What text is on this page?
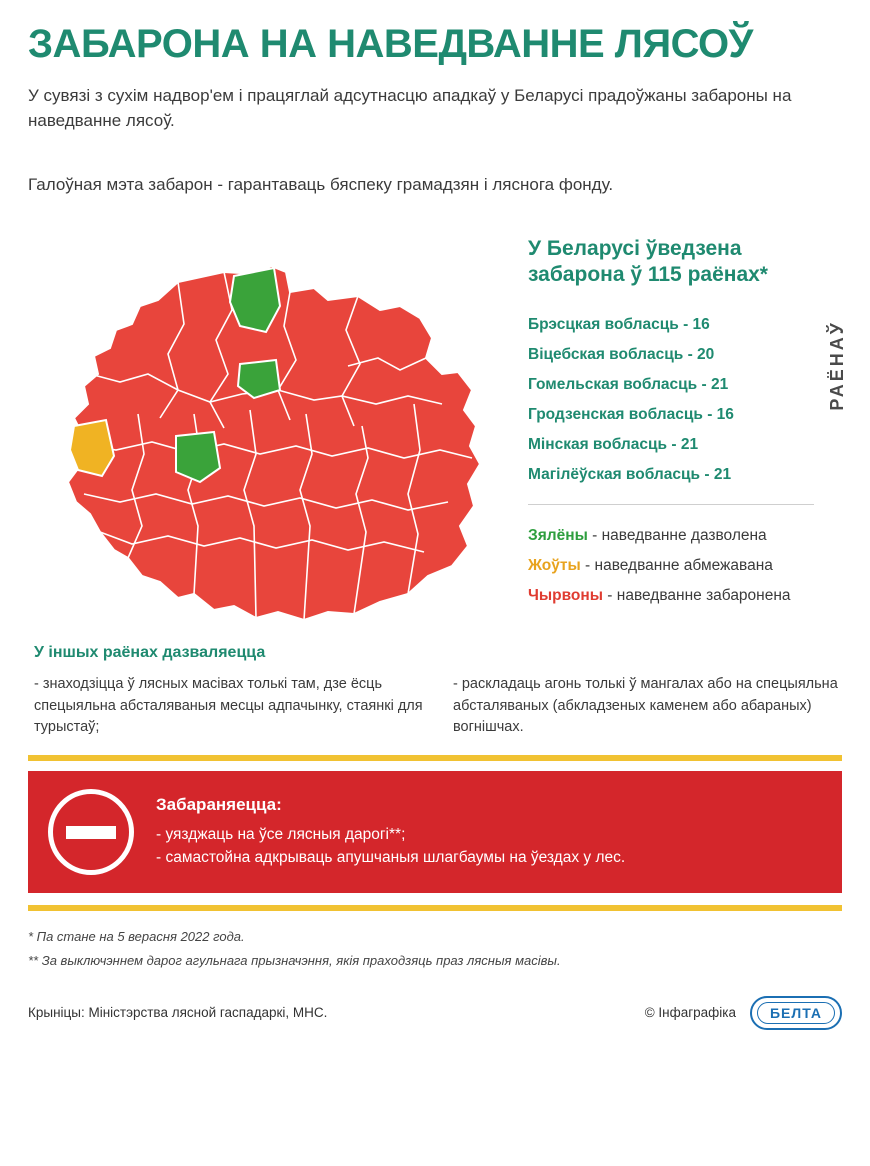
ЗАБАРОНА НА НАВЕДВАННЕ ЛЯСОЎ

У сувязі з сухім надвор'ем і працяглай адсутнасцю ападкаў у Беларусі прадоўжаны забароны на наведванне лясоў.

Галоўная мэта забарон - гарантаваць бяспеку грамадзян і ляснога фонду.

У Беларусі ўведзена забарона ў 115 раёнах*
Брэсцкая вобласць - 16
Віцебская вобласць - 20
Гомельская вобласць - 21
Гродзенская вобласць - 16
Мінская вобласць - 21
Магілёўская вобласць - 21
РАЁНАЎ
Зялёны - наведванне дазволена
Жоўты - наведванне абмежавана
Чырвоны - наведванне забаронена
У іншых раёнах дазваляецца
- знаходзіцца ў лясных масівах толькі там, дзе ёсць спецыяльна абсталяваныя месцы адпачынку, стаянкі для турыстаў;
- раскладаць агонь толькі ў мангалах або на спецыяльна абсталяваных (абкладзеных каменем або абараных) вогнішчах.
Забараняецца:
- уязджаць на ўсе лясныя дарогі**;
- самастойна адкрываць апушчаныя шлагбаумы на ўездах у лес.
* Па стане на 5 верасня 2022 года.
** За выключэннем дарог агульнага прызначэння, якія праходзяць праз лясныя масівы.
Крыніцы: Міністэрства лясной гаспадаркі, МНС.	© Інфаграфіка БЕЛТА
